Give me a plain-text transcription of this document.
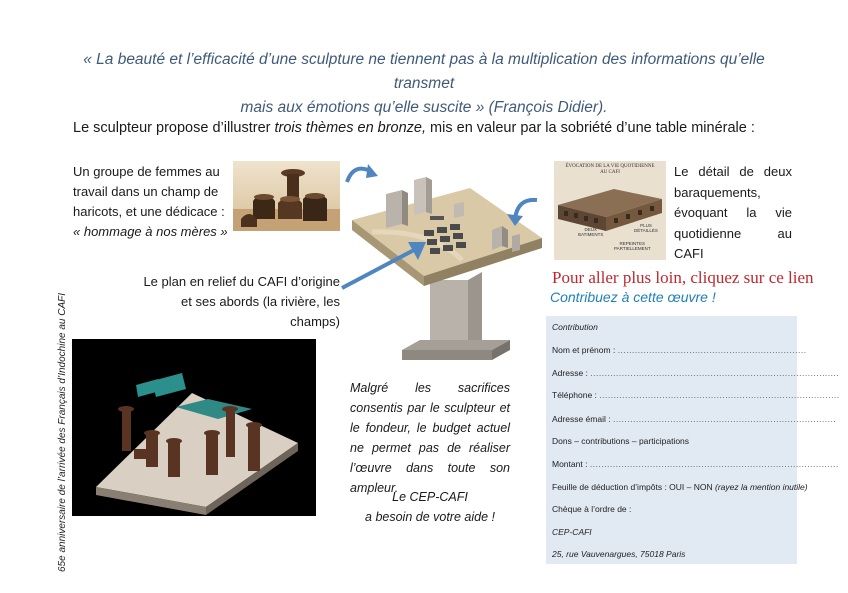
« La beauté et l’efficacité d’une sculpture ne tiennent pas à la multiplication des informations qu’elle transmet
mais aux émotions qu’elle suscite » (François Didier).
Le sculpteur propose d’illustrer trois thèmes en bronze, mis en valeur par la sobriété d’une table minérale :
Un groupe de femmes au
travail dans un champ de
haricots, et une dédicace :
« hommage à nos mères »
Le plan en relief du CAFI d’origine
et ses abords (la rivière, les champs)
ÉVOCATION DE LA VIE QUOTIDIENNE
AU CAFI
DEUX
BATIMENTS
PLUS
DÉTAILLÉS
REPEINTES
PARTIELLEMENT
Le détail de deux baraquements, évoquant la vie quotidienne au CAFI
Pour aller plus loin, cliquez sur ce lien
Contribuez à cette œuvre !
Malgré les sacrifices consentis par le sculpteur et le fondeur, le budget actuel ne permet pas de réaliser l’œuvre dans toute son ampleur.
Le CEP-CAFI
a besoin de votre aide !
65e anniversaire de l’arrivée des Français d’Indochine au CAFI	Contribution
Nom et prénom : ..................................................................
Adresse : .......................................................................................
Téléphone : ....................................................................................
Adresse émail : ..............................................................................
Dons – contributions – participations
Montant : .......................................................................................
Feuille de déduction d’impôts : OUI – NON (rayez la mention inutile)
Chèque à l’ordre de :
CEP-CAFI
25, rue Vauvenargues, 75018 Paris
